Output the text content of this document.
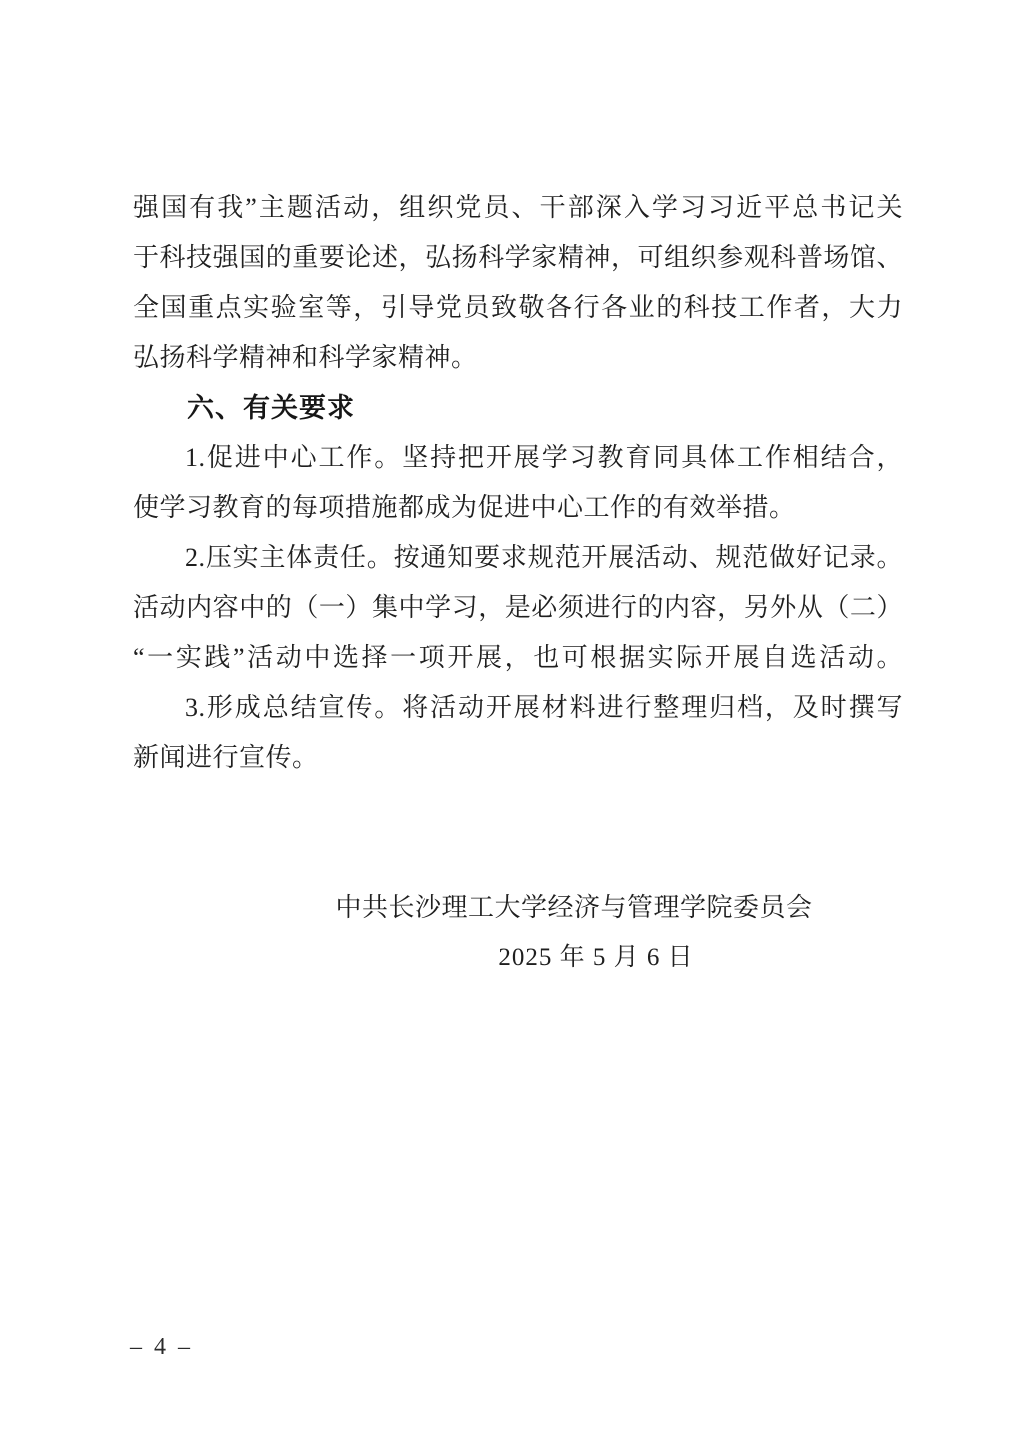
强国有我”主题活动，组织党员、干部深入学习习近平总书记关
于科技强国的重要论述，弘扬科学家精神，可组织参观科普场馆、
全国重点实验室等，引导党员致敬各行各业的科技工作者，大力
弘扬科学精神和科学家精神。
六、有关要求
1.促进中心工作。坚持把开展学习教育同具体工作相结合，
使学习教育的每项措施都成为促进中心工作的有效举措。
2.压实主体责任。按通知要求规范开展活动、规范做好记录。
活动内容中的（一）集中学习，是必须进行的内容，另外从（二）
“一实践”活动中选择一项开展，也可根据实际开展自选活动。
3.形成总结宣传。将活动开展材料进行整理归档，及时撰写
新闻进行宣传。
中共长沙理工大学经济与管理学院委员会
2025 年 5 月 6 日
– 4 –
